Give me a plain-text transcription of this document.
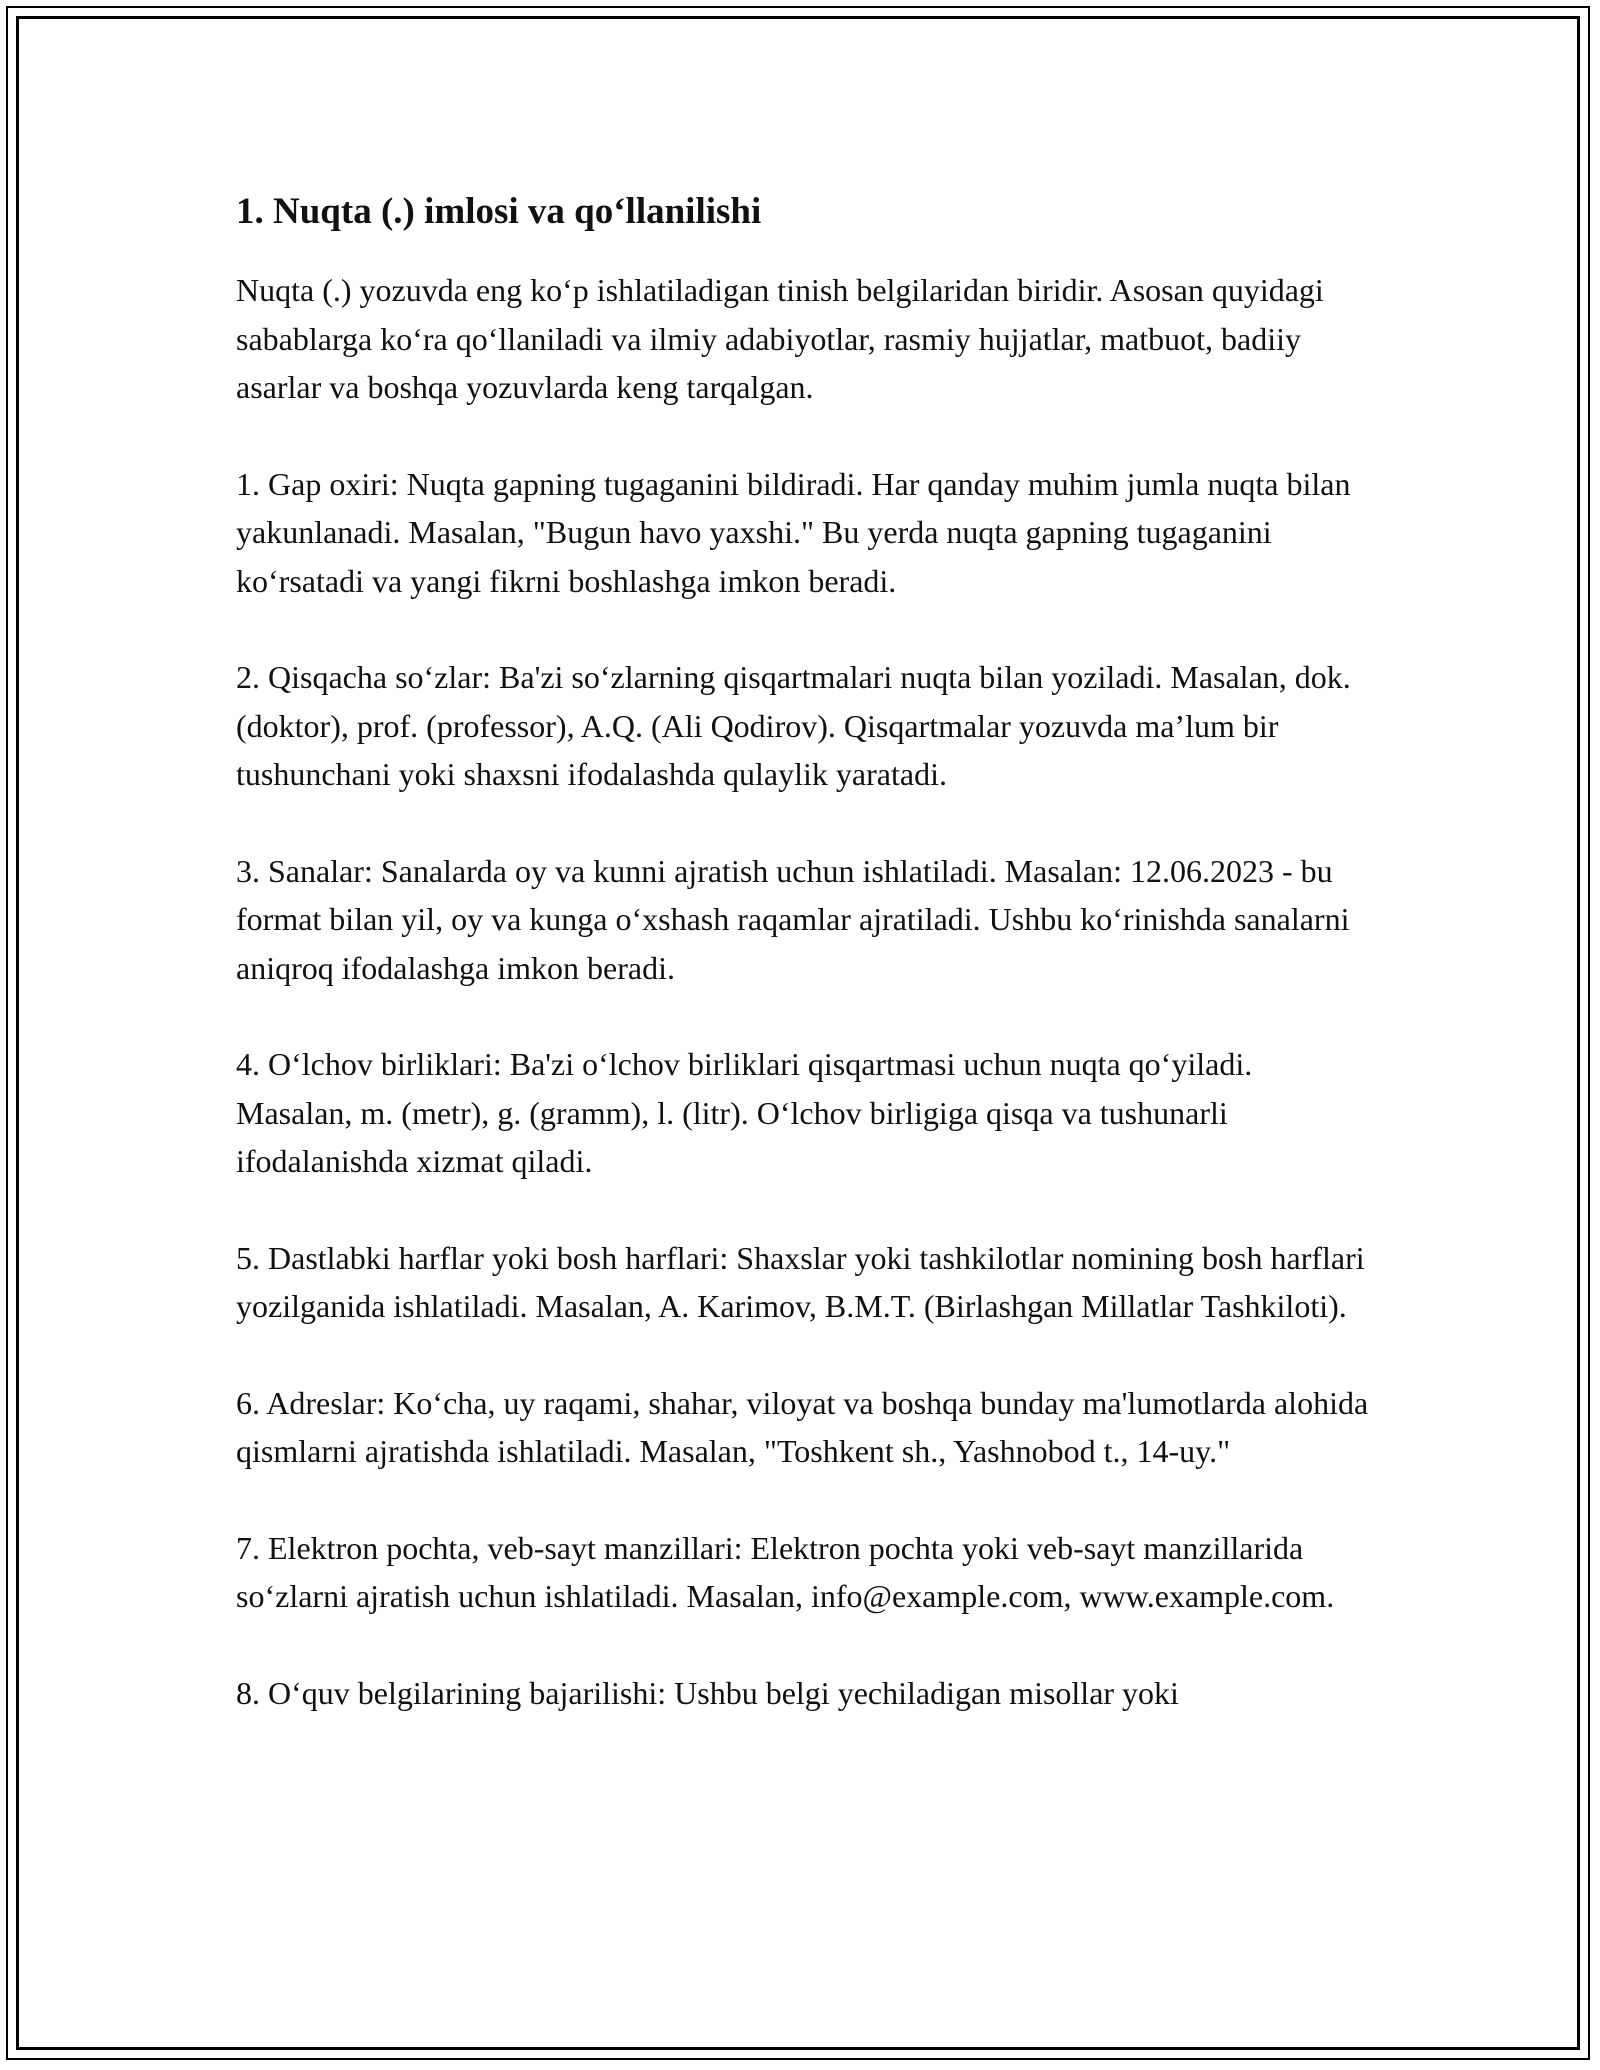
1. Nuqta (.) imlosi va qo‘llanilishi

Nuqta (.) yozuvda eng ko‘p ishlatiladigan tinish belgilaridan biridir. Asosan quyidagi sabablarga ko‘ra qo‘llaniladi va ilmiy adabiyotlar, rasmiy hujjatlar, matbuot, badiiy asarlar va boshqa yozuvlarda keng tarqalgan.

1. Gap oxiri: Nuqta gapning tugaganini bildiradi. Har qanday muhim jumla nuqta bilan yakunlanadi. Masalan, "Bugun havo yaxshi." Bu yerda nuqta gapning tugaganini ko‘rsatadi va yangi fikrni boshlashga imkon beradi.

2. Qisqacha so‘zlar: Ba'zi so‘zlarning qisqartmalari nuqta bilan yoziladi. Masalan, dok. (doktor), prof. (professor), A.Q. (Ali Qodirov). Qisqartmalar yozuvda ma’lum bir tushunchani yoki shaxsni ifodalashda qulaylik yaratadi.

3. Sanalar: Sanalarda oy va kunni ajratish uchun ishlatiladi. Masalan: 12.06.2023 - bu format bilan yil, oy va kunga o‘xshash raqamlar ajratiladi. Ushbu ko‘rinishda sanalarni aniqroq ifodalashga imkon beradi.

4. O‘lchov birliklari: Ba'zi o‘lchov birliklari qisqartmasi uchun nuqta qo‘yiladi. Masalan, m. (metr), g. (gramm), l. (litr). O‘lchov birligiga qisqa va tushunarli ifodalanishda xizmat qiladi.

5. Dastlabki harflar yoki bosh harflari: Shaxslar yoki tashkilotlar nomining bosh harflari yozilganida ishlatiladi. Masalan, A. Karimov, B.M.T. (Birlashgan Millatlar Tashkiloti).

6. Adreslar: Ko‘cha, uy raqami, shahar, viloyat va boshqa bunday ma'lumotlarda alohida qismlarni ajratishda ishlatiladi. Masalan, "Toshkent sh., Yashnobod t., 14-uy."

7. Elektron pochta, veb-sayt manzillari: Elektron pochta yoki veb-sayt manzillarida so‘zlarni ajratish uchun ishlatiladi. Masalan, info@example.com, www.example.com.

8. O‘quv belgilarining bajarilishi: Ushbu belgi yechiladigan misollar yoki
